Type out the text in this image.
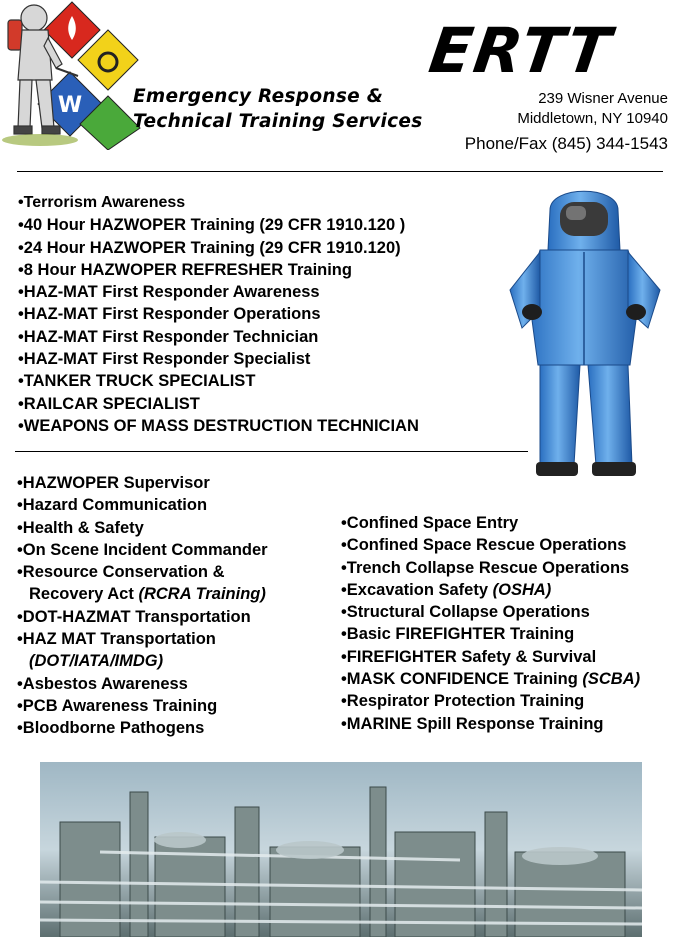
W
ERTT
Emergency Response &
Technical Training Services
239 Wisner Avenue
Middletown, NY 10940
Phone/Fax (845) 344-1543
• Terrorism Awareness
• 40 Hour HAZWOPER Training (29 CFR 1910.120 )
• 24 Hour HAZWOPER Training (29 CFR 1910.120)
• 8 Hour HAZWOPER REFRESHER Training
• HAZ-MAT First Responder Awareness
• HAZ-MAT First Responder Operations
• HAZ-MAT First Responder Technician
• HAZ-MAT First Responder Specialist
• TANKER TRUCK SPECIALIST
• RAILCAR SPECIALIST
• WEAPONS OF MASS DESTRUCTION TECHNICIAN
• HAZWOPER Supervisor
• Hazard Communication
• Health & Safety
• On Scene Incident Commander
• Resource Conservation &
Recovery Act (RCRA Training)
• DOT-HAZMAT Transportation
• HAZ MAT Transportation
(DOT/IATA/IMDG)
• Asbestos Awareness
• PCB Awareness Training
• Bloodborne Pathogens
• Confined Space Entry
• Confined Space Rescue Operations
• Trench Collapse Rescue Operations
• Excavation Safety (OSHA)
• Structural Collapse Operations
• Basic FIREFIGHTER Training
• FIREFIGHTER Safety & Survival
• MASK CONFIDENCE Training (SCBA)
• Respirator Protection Training
• MARINE Spill Response Training
